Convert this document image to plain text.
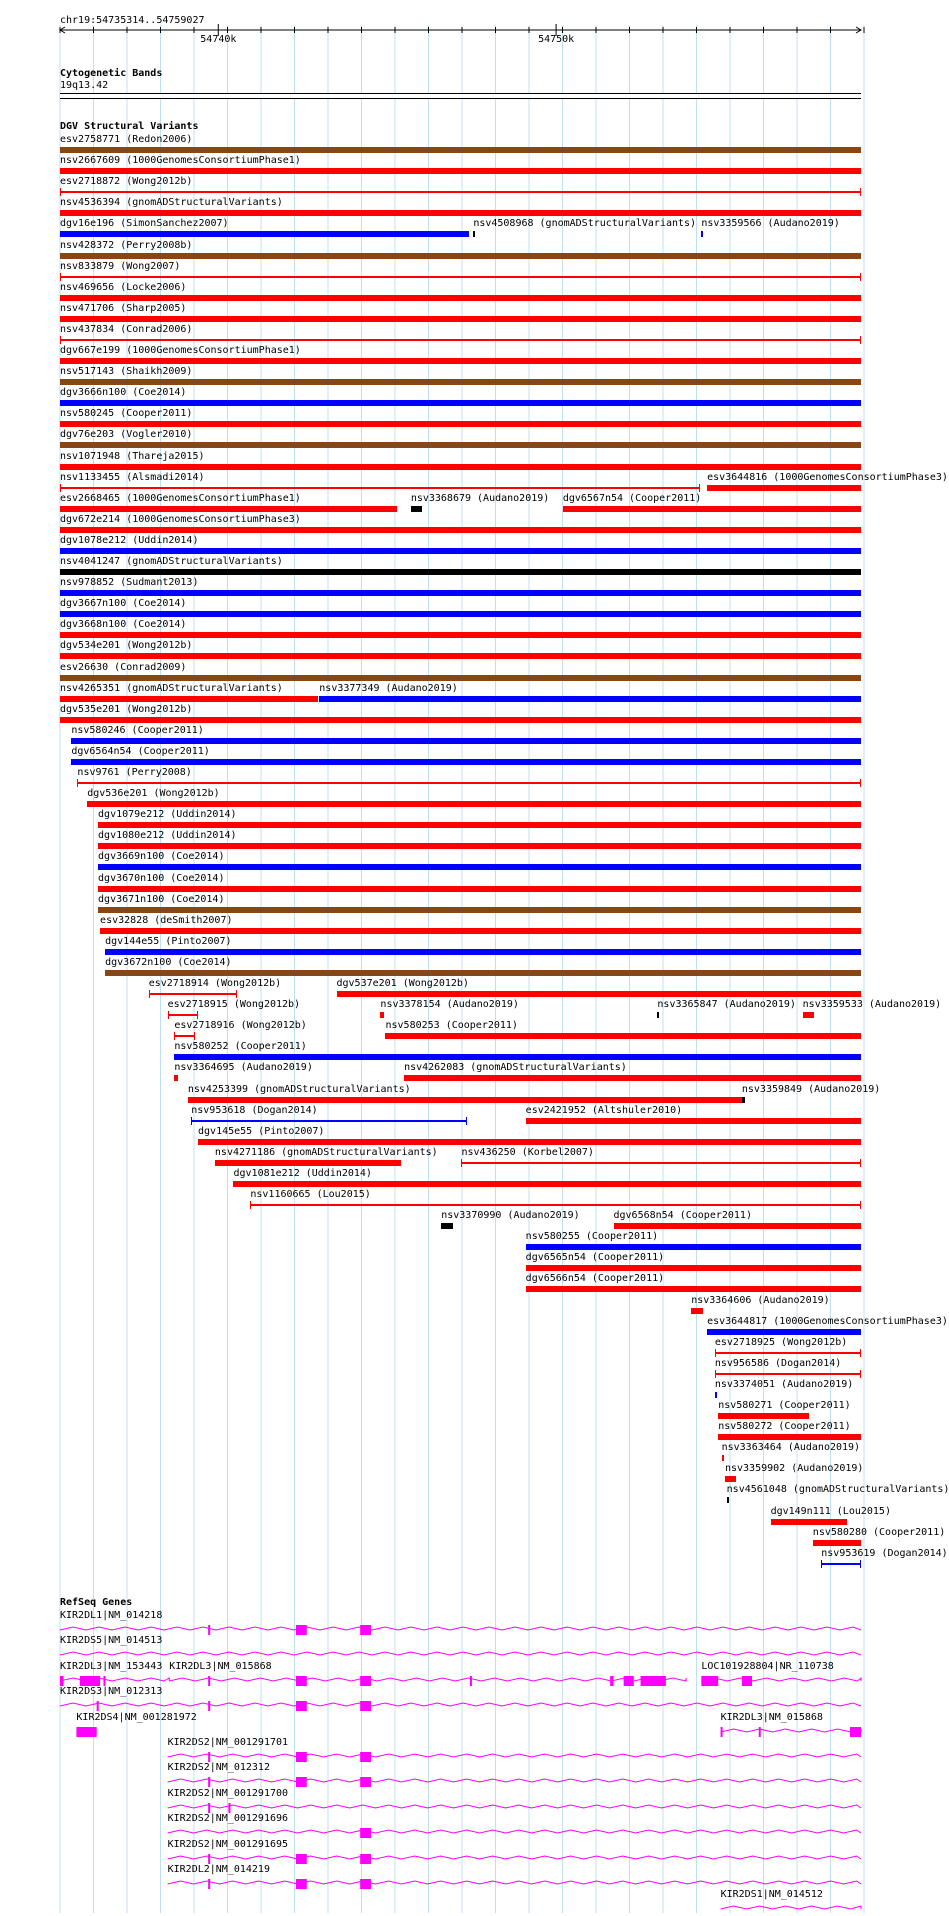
chr19:54735314..54759027
Cytogenetic Bands
19q13.42
DGV Structural Variants
esv2758771 (Redon2006)
nsv2667609 (1000GenomesConsortiumPhase1)
esv2718872 (Wong2012b)
nsv4536394 (gnomADStructuralVariants)
dgv16e196 (SimonSanchez2007)	nsv4508968 (gnomADStructuralVariants) nsv3359566 (Audano2019)
nsv428372 (Perry2008b)
nsv833879 (Wong2007)
nsv469656 (Locke2006)
nsv471706 (Sharp2005)
nsv437834 (Conrad2006)
dgv667e199 (1000GenomesConsortiumPhase1)
nsv517143 (Shaikh2009)
dgv3666n100 (Coe2014)
nsv580245 (Cooper2011)
dgv76e203 (Vogler2010)
nsv1071948 (Thareja2015)
nsv1133455 (Alsmadi2014)	esv3644816 (1000GenomesConsortiumPhase3)
esv2668465 (1000GenomesConsortiumPhase1)	nsv3368679 (Audano2019) dgv6567n54 (Cooper2011)
dgv672e214 (1000GenomesConsortiumPhase3)
dgv1078e212 (Uddin2014)
nsv4041247 (gnomADStructuralVariants)
nsv978852 (Sudmant2013)
dgv3667n100 (Coe2014)
dgv3668n100 (Coe2014)
dgv534e201 (Wong2012b)
esv26630 (Conrad2009)
nsv4265351 (gnomADStructuralVariants)	nsv3377349 (Audano2019)
dgv535e201 (Wong2012b)
nsv580246 (Cooper2011)
dgv6564n54 (Cooper2011)
nsv9761 (Perry2008)
dgv536e201 (Wong2012b)
dgv1079e212 (Uddin2014)
dgv1080e212 (Uddin2014)
dgv3669n100 (Coe2014)
dgv3670n100 (Coe2014)
dgv3671n100 (Coe2014)
esv32828 (deSmith2007)
dgv144e55 (Pinto2007)
dgv3672n100 (Coe2014)
esv2718914 (Wong2012b)	dgv537e201 (Wong2012b)
esv2718915 (Wong2012b)	nsv3378154 (Audano2019)	nsv3365847 (Audano2019) nsv3359533 (Audano2019)
esv2718916 (Wong2012b)	nsv580253 (Cooper2011)
nsv580252 (Cooper2011)
nsv3364695 (Audano2019)	nsv4262083 (gnomADStructuralVariants)
nsv4253399 (gnomADStructuralVariants)	nsv3359849 (Audano2019)
nsv953618 (Dogan2014)	esv2421952 (Altshuler2010)
dgv145e55 (Pinto2007)
nsv4271186 (gnomADStructuralVariants) nsv436250 (Korbel2007)
dgv1081e212 (Uddin2014)
nsv1160665 (Lou2015)
nsv3370990 (Audano2019)	dgv6568n54 (Cooper2011)
nsv580255 (Cooper2011)
dgv6565n54 (Cooper2011)
dgv6566n54 (Cooper2011)
nsv3364606 (Audano2019)
esv3644817 (1000GenomesConsortiumPhase3)
esv2718925 (Wong2012b)
nsv956586 (Dogan2014)
nsv3374051 (Audano2019)
nsv580271 (Cooper2011)
nsv580272 (Cooper2011)
nsv3363464 (Audano2019)
nsv3359902 (Audano2019)
nsv4561048 (gnomADStructuralVariants)
dgv149n111 (Lou2015)
nsv580280 (Cooper2011)
nsv953619 (Dogan2014)
RefSeq Genes
KIR2DL1|NM_014218
KIR2DS5|NM_014513
KIR2DL3|NM_153443 KIR2DL3|NM_015868	LOC101928804|NR_110738
KIR2DS3|NM_012313
KIR2DS4|NM_001281972	KIR2DL3|NM_015868
KIR2DS2|NM_001291701
KIR2DS2|NM_012312
KIR2DS2|NM_001291700
KIR2DS2|NM_001291696
KIR2DS2|NM_001291695
KIR2DL2|NM_014219
KIR2DS1|NM_014512
54740k	54750k
